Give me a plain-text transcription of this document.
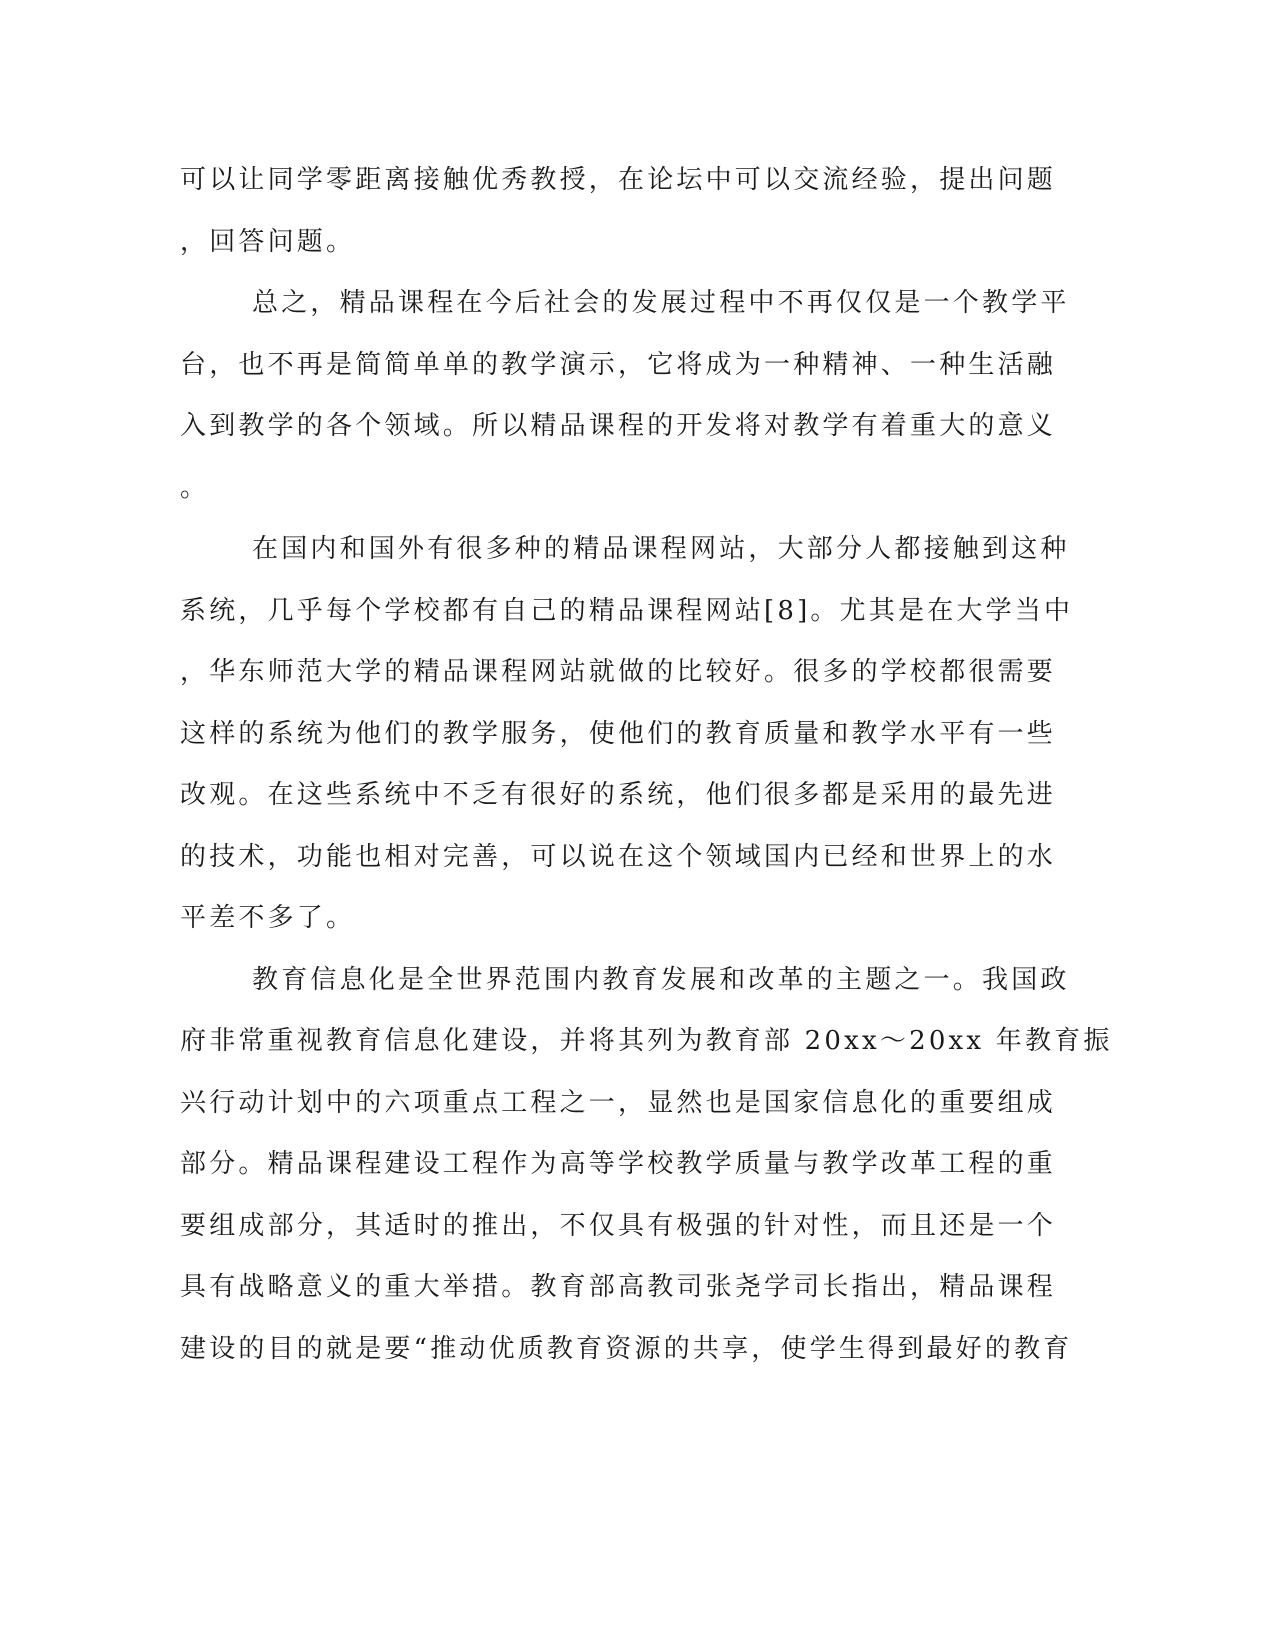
可以让同学零距离接触优秀教授，在论坛中可以交流经验，提出问题
，回答问题。
总之，精品课程在今后社会的发展过程中不再仅仅是一个教学平
台，也不再是简简单单的教学演示，它将成为一种精神、一种生活融
入到教学的各个领域。所以精品课程的开发将对教学有着重大的意义
。
在国内和国外有很多种的精品课程网站，大部分人都接触到这种
系统，几乎每个学校都有自己的精品课程网站[8]。尤其是在大学当中
，华东师范大学的精品课程网站就做的比较好。很多的学校都很需要
这样的系统为他们的教学服务，使他们的教育质量和教学水平有一些
改观。在这些系统中不乏有很好的系统，他们很多都是采用的最先进
的技术，功能也相对完善，可以说在这个领域国内已经和世界上的水
平差不多了。
教育信息化是全世界范围内教育发展和改革的主题之一。我国政
府非常重视教育信息化建设，并将其列为教育部 20xx～20xx 年教育振
兴行动计划中的六项重点工程之一，显然也是国家信息化的重要组成
部分。精品课程建设工程作为高等学校教学质量与教学改革工程的重
要组成部分，其适时的推出，不仅具有极强的针对性，而且还是一个
具有战略意义的重大举措。教育部高教司张尧学司长指出，精品课程
建设的目的就是要“推动优质教育资源的共享，使学生得到最好的教育
